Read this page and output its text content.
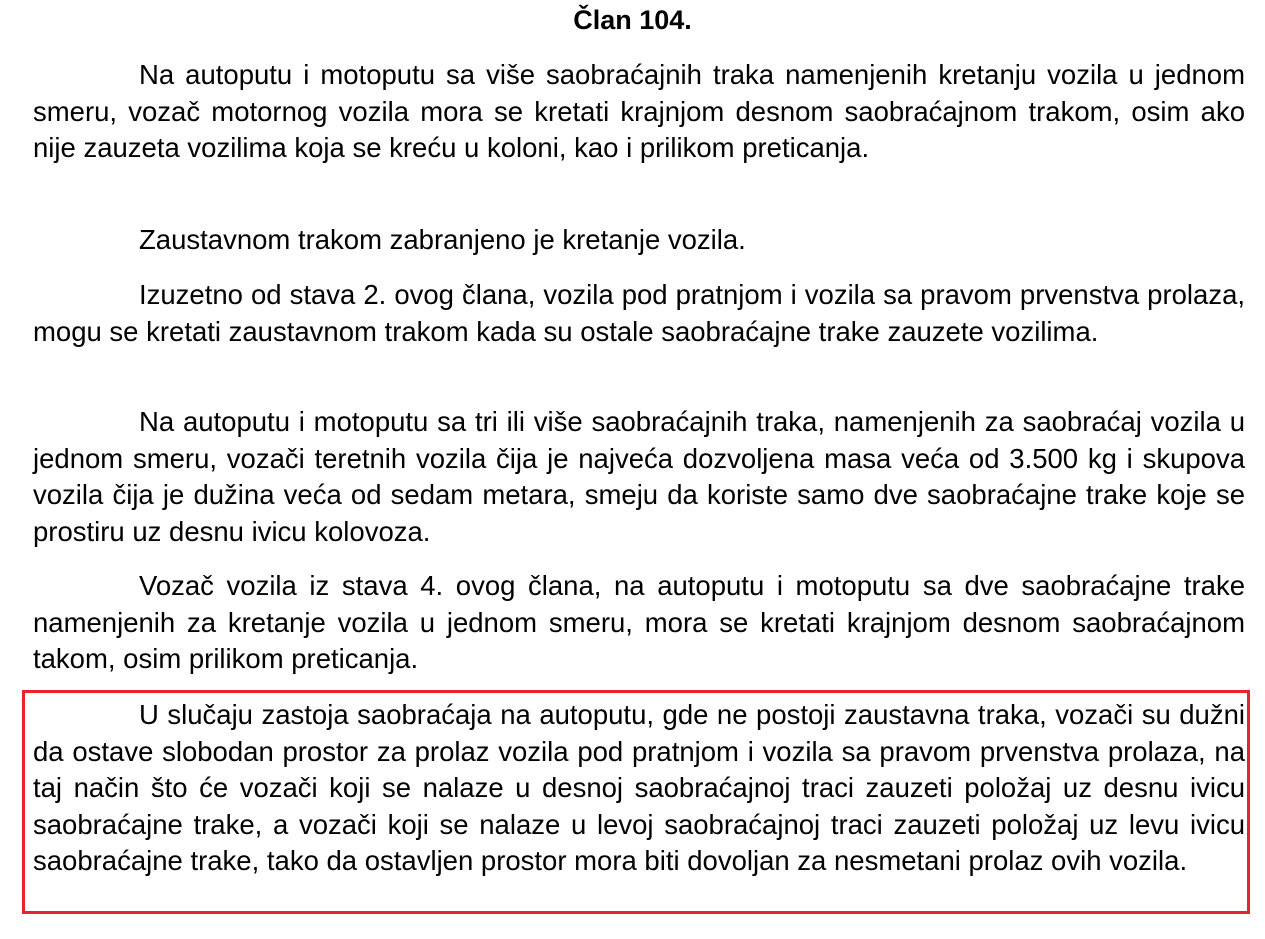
Član 104.

Na autoputu i motoputu sa više saobraćajnih traka namenjenih kretanju vozila u jednom smeru, vozač motornog vozila mora se kretati krajnjom desnom saobraćajnom trakom, osim ako nije zauzeta vozilima koja se kreću u koloni, kao i prilikom preticanja.

Zaustavnom trakom zabranjeno je kretanje vozila.

Izuzetno od stava 2. ovog člana, vozila pod pratnjom i vozila sa pravom prvenstva prolaza, mogu se kretati zaustavnom trakom kada su ostale saobraćajne trake zauzete vozilima.

Na autoputu i motoputu sa tri ili više saobraćajnih traka, namenjenih za saobraćaj vozila u jednom smeru, vozači teretnih vozila čija je najveća dozvoljena masa veća od 3.500 kg i skupova vozila čija je dužina veća od sedam metara, smeju da koriste samo dve saobraćajne trake koje se prostiru uz desnu ivicu kolovoza.

Vozač vozila iz stava 4. ovog člana, na autoputu i motoputu sa dve saobraćajne trake namenjenih za kretanje vozila u jednom smeru, mora se kretati krajnjom desnom saobraćajnom takom, osim prilikom preticanja.

U slučaju zastoja saobraćaja na autoputu, gde ne postoji zaustavna traka, vozači su dužni da ostave slobodan prostor za prolaz vozila pod pratnjom i vozila sa pravom prvenstva prolaza, na taj način što će vozači koji se nalaze u desnoj saobraćajnoj traci zauzeti položaj uz desnu ivicu saobraćajne trake, a vozači koji se nalaze u levoj saobraćajnoj traci zauzeti položaj uz levu ivicu saobraćajne trake, tako da ostavljen prostor mora biti dovoljan za nesmetani prolaz ovih vozila.
